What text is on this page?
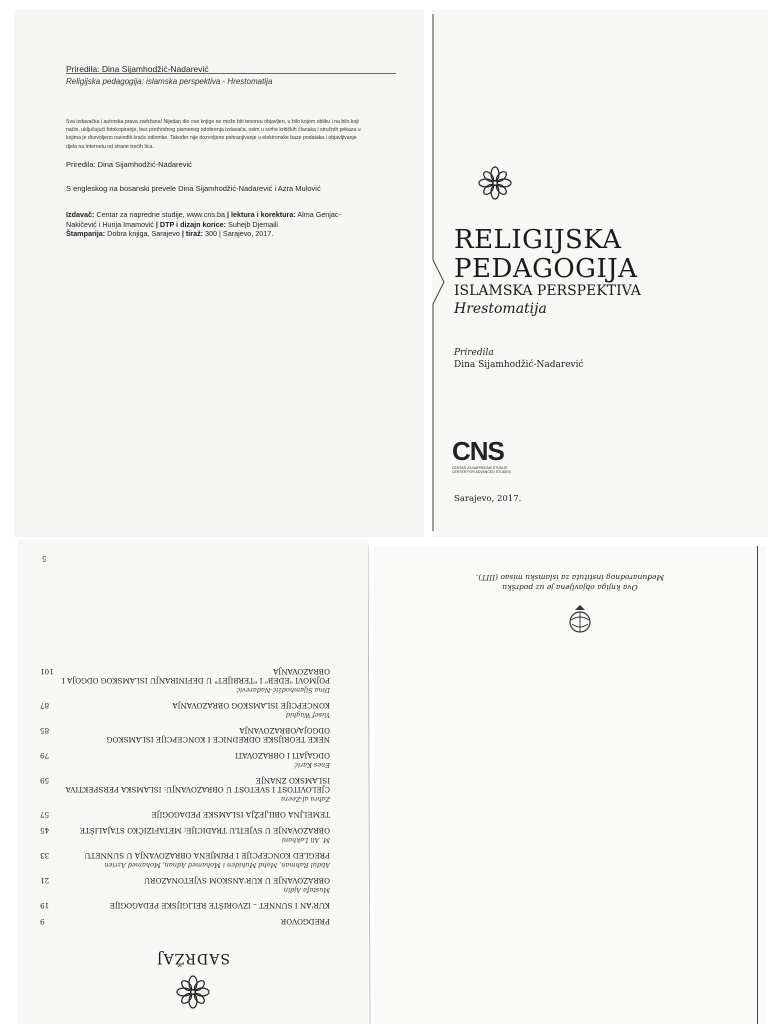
Priredila: Dina Sijamhodžić-Nadarević
Religijska pedagogija: islamska perspektiva - Hrestomatija
Sva izdavačka i autorska prava zadržana! Nijedan dio ove knjige ne može biti tenoreu objavljen, u bilo kojem obliku i na bilo koji način, uključujući fotokopiranje, bez prethodnog pismenog odobrenja izdavača, osim u svrhe kritičkih članaka i stručnih prikaza u kojima je dozvoljeno navoditi kraće odlomke. Također nije dozvoljeno pohranjivanje u elektronske baze podataka i objavljivanje djela na internetu od strane trećih lica.
Priredila: Dina Sijamhodžić-Nadarević
S engleskog na bosanski prevele Dina Sijamhodžić-Nadarević i Azra Mulović
Izdavač: Centar za napredne studije, www.cns.ba | lektura i korektura: Alma Genjac-Nakičević i Hurija Imamović | DTP i dizajn korice: Suhejb Djemaili
Štamparija: Dobra knjiga, Sarajevo | tiraž: 300 | Sarajevo, 2017.	RELIGIJSKA
PEDAGOGIJA
ISLAMSKA PERSPEKTIVA
Hrestomatija
Priredila
Dina Sijamhodžić-Nadarević
CNS
CENTAR ZA NAPREDNE STUDIJE
CENTER FOR ADVANCED STUDIES
Sarajevo, 2017.
SADRŽAJ
PREDGOVOR
9
KUR'AN I SUNNET – IZVORIŠTE RELIGIJSKE PEDAGOGIJE
19
Mustafa Ajdin
OBRAZOVANJE U KUR'ANSKOM SVJETONAZORU
21
Abdul Rahman, Mohd Muhiden i Mohamed Adnan, Mohamed Azrien
PREGLED KONCEPCIJE I PRIMJENA OBRAZOVANJA U SUNNETU
33
M. Ali Lakhani
OBRAZOVANJE U SVJETLU TRADICIJE: METAFIZIČKO STAJALIŠTE
45
TEMELJNA OBILJEŽJA ISLAMSKE PEDAGOGIJE
57
Zahra al-Zeera
CJELOVITOST I SVETOST U OBRAZOVANJU: ISLAMSKA PERSPEKTIVA ISLAMSKO ZNANJE
59
Enes Karić
ODGAJATI I OBRAZOVATI
79
NEKE TEORIJSKE ODREDNICE I KONCEPCIJE ISLAMSKOG ODGOJA/OBRAZOVANJA
85
Yusef Waghid
KONCEPCIJE ISLAMSKOG OBRAZOVANJA
87
Dina Sijamhodžić-Nadarević
POJMOVI "EDEB" I "TERBIJET" U DEFINIRANJU ISLAMSKOG ODGOJA I OBRAZOVANJA
101
5
Ova knjiga objavljena je uz podršku
Međunarodnog instituta za islamsku misao (IIIT).
